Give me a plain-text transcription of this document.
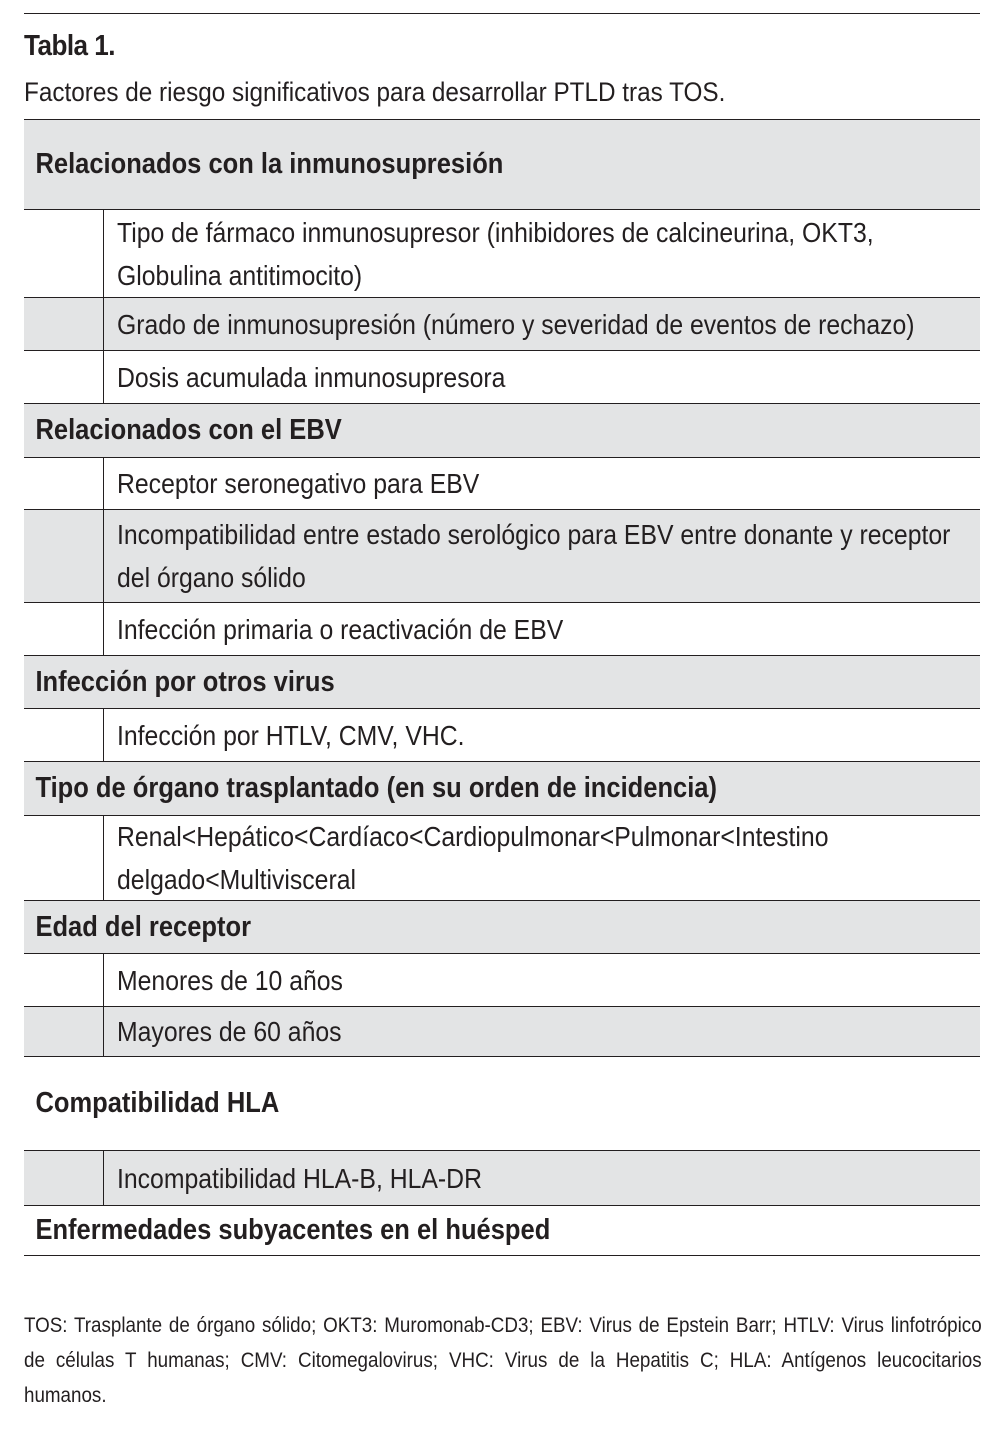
Tabla 1.
Factores de riesgo significativos para desarrollar PTLD tras TOS.
Relacionados con la inmunosupresión
Tipo de fármaco inmunosupresor (inhibidores de calcineurina, OKT3, Globulina antitimocito)
Grado de inmunosupresión (número y severidad de eventos de rechazo)
Dosis acumulada inmunosupresora
Relacionados con el EBV
Receptor seronegativo para EBV
Incompatibilidad entre estado serológico para EBV entre donante y receptor del órgano sólido
Infección primaria o reactivación de EBV
Infección por otros virus
Infección por HTLV, CMV, VHC.
Tipo de órgano trasplantado (en su orden de incidencia)
Renal<Hepático<Cardíaco<Cardiopulmonar<Pulmonar<Intestino delgado<Multivisceral
Edad del receptor
Menores de 10 años
Mayores de 60 años
Compatibilidad HLA
Incompatibilidad HLA-B, HLA-DR
Enfermedades subyacentes en el huésped
TOS: Trasplante de órgano sólido; OKT3: Muromonab-CD3; EBV: Virus de Epstein Barr; HTLV: Virus linfotrópico de células T humanas; CMV: Citomegalovirus; VHC: Virus de la Hepatitis C; HLA: Antígenos leucocitarios humanos.
